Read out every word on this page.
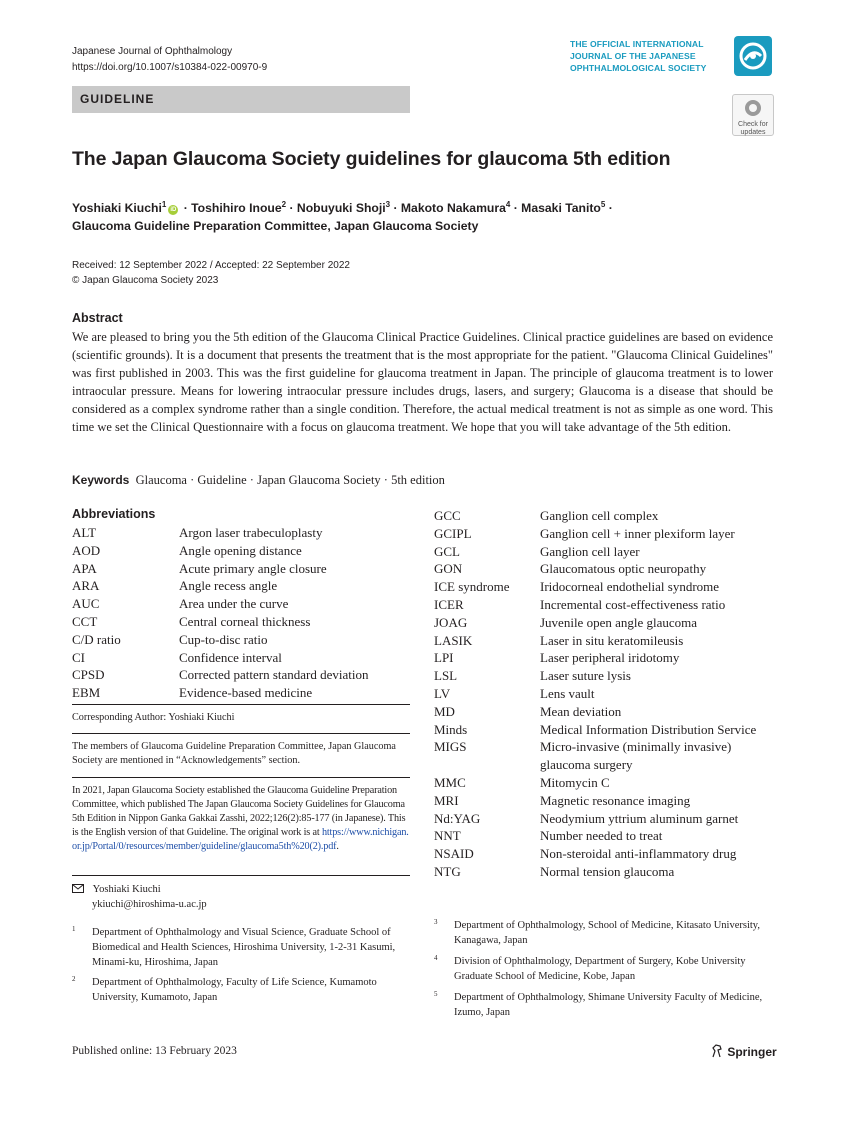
Japanese Journal of Ophthalmology
https://doi.org/10.1007/s10384-022-00970-9
THE OFFICIAL INTERNATIONAL JOURNAL OF THE JAPANESE OPHTHALMOLOGICAL SOCIETY
GUIDELINE
Check for updates
The Japan Glaucoma Society guidelines for glaucoma 5th edition
Yoshiaki Kiuchi$^1$iD · Toshihiro Inoue$^2$ · Nobuyuki Shoji$^3$ · Makoto Nakamura$^4$ · Masaki Tanito$^5$ ·
Glaucoma Guideline Preparation Committee, Japan Glaucoma Society
Received: 12 September 2022 / Accepted: 22 September 2022
© Japan Glaucoma Society 2023
Abstract
We are pleased to bring you the 5th edition of the Glaucoma Clinical Practice Guidelines. Clinical practice guidelines are based on evidence (scientific grounds). It is a document that presents the treatment that is the most appropriate for the patient. "Glaucoma Clinical Guidelines" was first published in 2003. This was the first guideline for glaucoma treatment in Japan. The principle of glaucoma treatment is to lower intraocular pressure. Means for lowering intraocular pressure includes drugs, lasers, and surgery; Glaucoma is a disease that should be considered as a complex syndrome rather than a single condition. Therefore, the actual medical treatment is not as simple as one word. This time we set the Clinical Questionnaire with a focus on glaucoma treatment. We hope that you will take advantage of the 5th edition.
Keywords Glaucoma · Guideline · Japan Glaucoma Society · 5th edition
Abbreviations
ALT	Argon laser trabeculoplasty
AOD	Angle opening distance
APA	Acute primary angle closure
ARA	Angle recess angle
AUC	Area under the curve
CCT	Central corneal thickness
C/D ratio	Cup-to-disc ratio
CI	Confidence interval
CPSD	Corrected pattern standard deviation
EBM	Evidence-based medicine
GCC	Ganglion cell complex
GCIPL	Ganglion cell + inner plexiform layer
GCL	Ganglion cell layer
GON	Glaucomatous optic neuropathy
ICE syndrome	Iridocorneal endothelial syndrome
ICER	Incremental cost-effectiveness ratio
JOAG	Juvenile open angle glaucoma
LASIK	Laser in situ keratomileusis
LPI	Laser peripheral iridotomy
LSL	Laser suture lysis
LV	Lens vault
MD	Mean deviation
Minds	Medical Information Distribution Service
MIGS	Micro-invasive (minimally invasive) glaucoma surgery
MMC	Mitomycin C
MRI	Magnetic resonance imaging
Nd:YAG	Neodymium yttrium aluminum garnet
NNT	Number needed to treat
NSAID	Non-steroidal anti-inflammatory drug
NTG	Normal tension glaucoma
Corresponding Author: Yoshiaki Kiuchi
The members of Glaucoma Guideline Preparation Committee, Japan Glaucoma Society are mentioned in “Acknowledgements” section.
In 2021, Japan Glaucoma Society established the Glaucoma Guideline Preparation Committee, which published The Japan Glaucoma Society Guidelines for Glaucoma 5th Edition in Nippon Ganka Gakkai Zasshi, 2022;126(2):85-177 (in Japanese). This is the English version of that Guideline. The original work is at https://www.nichigan.or.jp/Portal/0/resources/member/guideline/glaucoma5th%20(2).pdf.
Yoshiaki Kiuchi
ykiuchi@hiroshima-u.ac.jp
1 Department of Ophthalmology and Visual Science, Graduate School of Biomedical and Health Sciences, Hiroshima University, 1-2-31 Kasumi, Minami-ku, Hiroshima, Japan
2 Department of Ophthalmology, Faculty of Life Science, Kumamoto University, Kumamoto, Japan
3 Department of Ophthalmology, School of Medicine, Kitasato University, Kanagawa, Japan
4 Division of Ophthalmology, Department of Surgery, Kobe University Graduate School of Medicine, Kobe, Japan
5 Department of Ophthalmology, Shimane University Faculty of Medicine, Izumo, Japan
Published online: 13 February 2023	Springer
